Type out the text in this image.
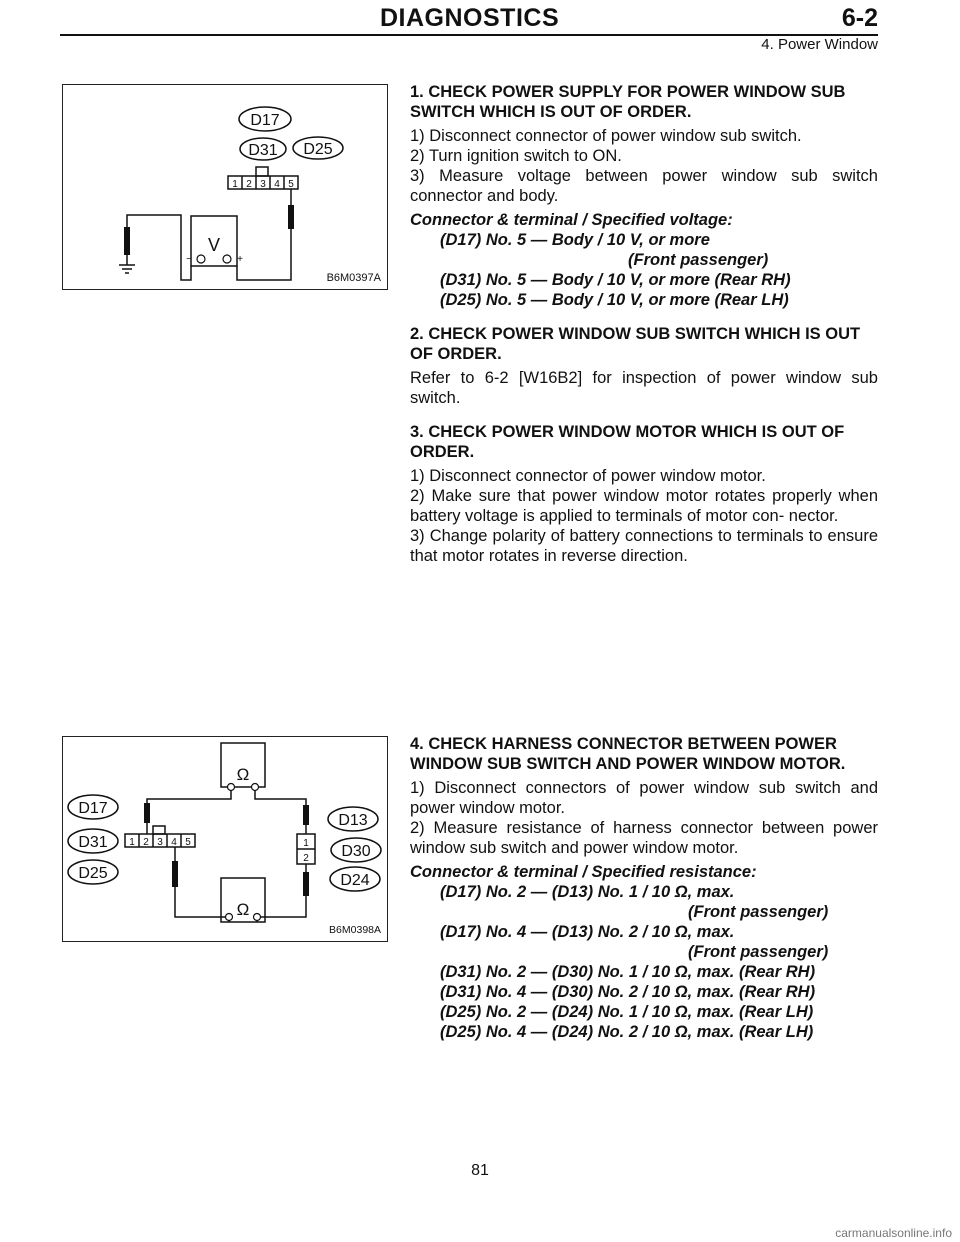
DIAGNOSTICS	6-2
4. Power Window
D17
D31 D25
1 2 3 4 5
V
−	+
B6M0397A
D17
D31
D25
D13
D30
D24
1 2 3 4 5	1
2
Ω
Ω
B6M0398A

1. CHECK POWER SUPPLY FOR POWER WINDOW SUB SWITCH WHICH IS OUT OF ORDER.

1) Disconnect connector of power window sub switch.

2) Turn ignition switch to ON.

3) Measure voltage between power window sub switch connector and body.

Connector & terminal / Specified voltage:

(D17) No. 5 — Body / 10 V, or more

(Front passenger)

(D31) No. 5 — Body / 10 V, or more (Rear RH)

(D25) No. 5 — Body / 10 V, or more (Rear LH)

2. CHECK POWER WINDOW SUB SWITCH WHICH IS OUT OF ORDER.

Refer to 6-2 [W16B2] for inspection of power window sub switch.

3. CHECK POWER WINDOW MOTOR WHICH IS OUT OF ORDER.

1) Disconnect connector of power window motor.

2) Make sure that power window motor rotates properly when battery voltage is applied to terminals of motor con- nector.

3) Change polarity of battery connections to terminals to ensure that motor rotates in reverse direction.

4. CHECK HARNESS CONNECTOR BETWEEN POWER WINDOW SUB SWITCH AND POWER WINDOW MOTOR.

1) Disconnect connectors of power window sub switch and power window motor.

2) Measure resistance of harness connector between power window sub switch and power window motor.

Connector & terminal / Specified resistance:

(D17) No. 2 — (D13) No. 1 / 10 Ω, max.

(Front passenger)

(D17) No. 4 — (D13) No. 2 / 10 Ω, max.

(Front passenger)

(D31) No. 2 — (D30) No. 1 / 10 Ω, max. (Rear RH)

(D31) No. 4 — (D30) No. 2 / 10 Ω, max. (Rear RH)

(D25) No. 2 — (D24) No. 1 / 10 Ω, max. (Rear LH)

(D25) No. 4 — (D24) No. 2 / 10 Ω, max. (Rear LH)

81
carmanualsonline.info
